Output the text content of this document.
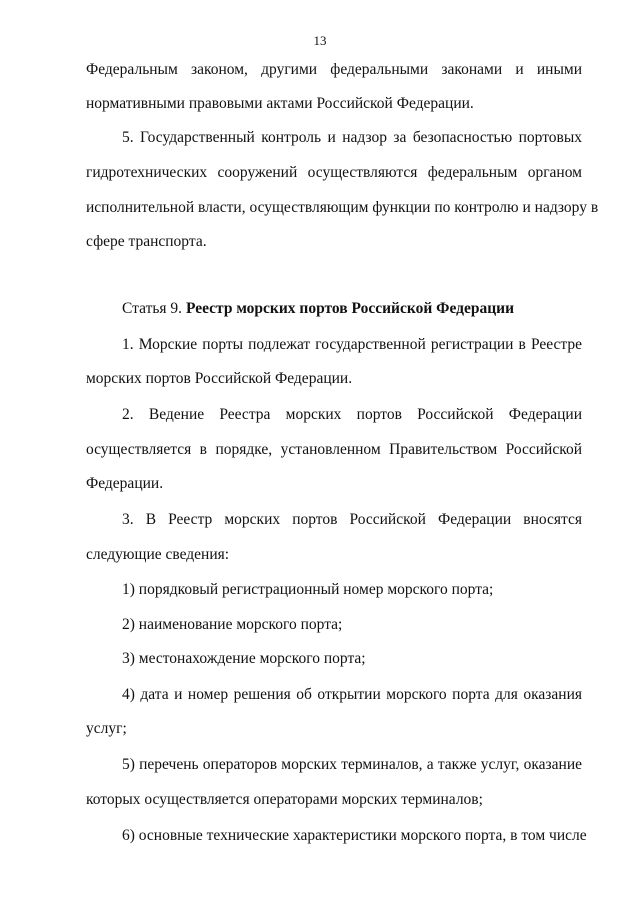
13
Федеральным законом, другими федеральными законами и иными
нормативными правовыми актами Российской Федерации.
5. Государственный контроль и надзор за безопасностью портовых
гидротехнических сооружений осуществляются федеральным органом
исполнительной власти, осуществляющим функции по контролю и надзору в
сфере транспорта.
Статья 9. Реестр морских портов Российской Федерации
1. Морские порты подлежат государственной регистрации в Реестре
морских портов Российской Федерации.
2. Ведение Реестра морских портов Российской Федерации
осуществляется в порядке, установленном Правительством Российской
Федерации.
3. В Реестр морских портов Российской Федерации вносятся
следующие сведения:
1) порядковый регистрационный номер морского порта;
2) наименование морского порта;
3) местонахождение морского порта;
4) дата и номер решения об открытии морского порта для оказания
услуг;
5) перечень операторов морских терминалов, а также услуг, оказание
которых осуществляется операторами морских терминалов;
6) основные технические характеристики морского порта, в том числе
